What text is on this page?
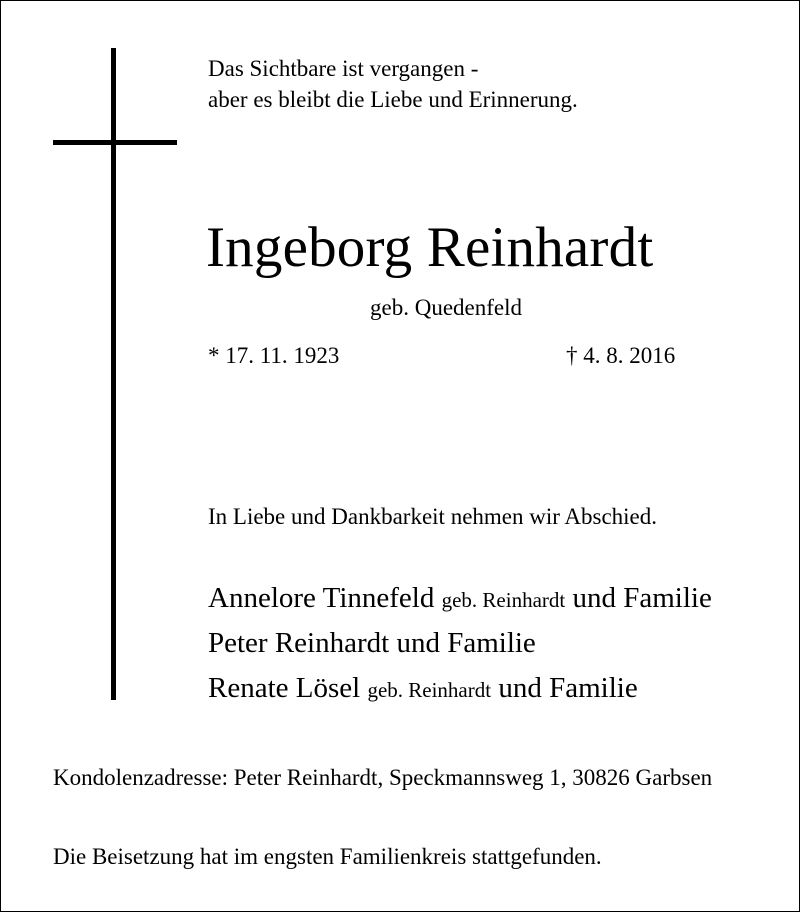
Das Sichtbare ist vergangen -
aber es bleibt die Liebe und Erinnerung.
Ingeborg Reinhardt
geb. Quedenfeld
* 17. 11. 1923	† 4. 8. 2016
In Liebe und Dankbarkeit nehmen wir Abschied.
Annelore Tinnefeld geb. Reinhardt und Familie
Peter Reinhardt und Familie
Renate Lösel geb. Reinhardt und Familie
Kondolenzadresse: Peter Reinhardt, Speckmannsweg 1, 30826 Garbsen
Die Beisetzung hat im engsten Familienkreis stattgefunden.
